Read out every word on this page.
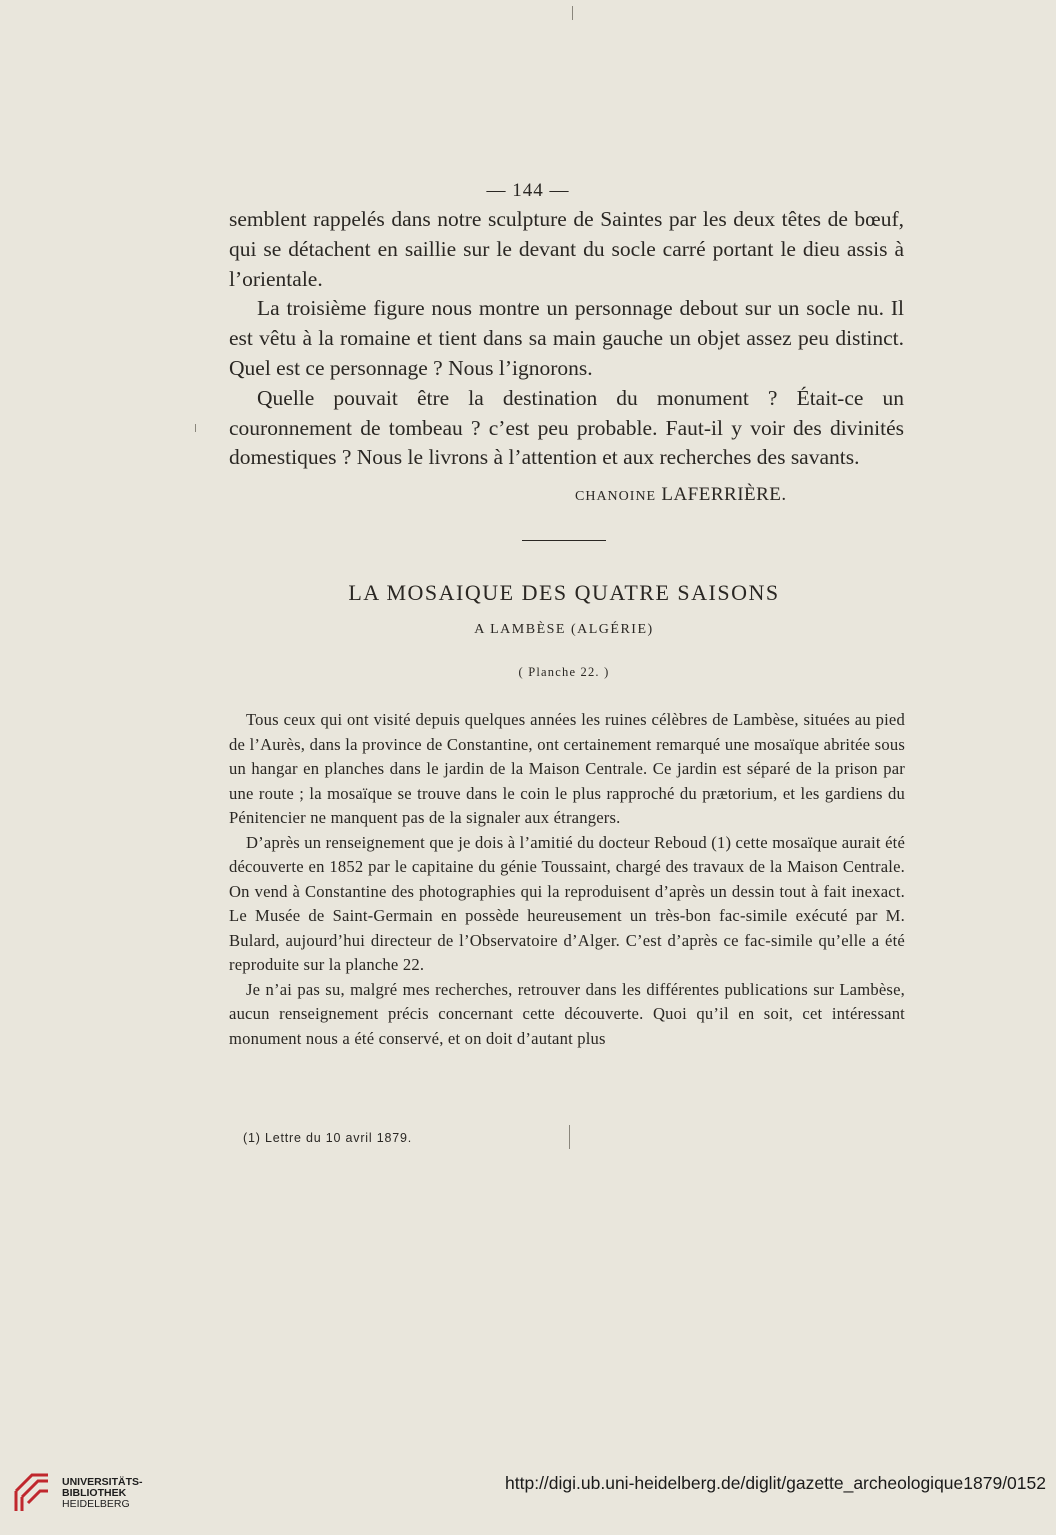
— 144 —

semblent rappelés dans notre sculpture de Saintes par les deux têtes de bœuf, qui se détachent en saillie sur le devant du socle carré portant le dieu assis à l’orientale.

La troisième figure nous montre un personnage debout sur un socle nu. Il est vêtu à la romaine et tient dans sa main gauche un objet assez peu distinct. Quel est ce personnage ? Nous l’ignorons.

Quelle pouvait être la destination du monument ? Était-ce un couronnement de tombeau ? c’est peu probable. Faut-il y voir des divinités domestiques ? Nous le livrons à l’attention et aux recherches des savants.

CHANOINE LAFERRIÈRE.
LA MOSAIQUE DES QUATRE SAISONS
A LAMBÈSE (ALGÉRIE)
( Planche 22. )

Tous ceux qui ont visité depuis quelques années les ruines célèbres de Lambèse, situées au pied de l’Aurès, dans la province de Constantine, ont certainement remarqué une mosaïque abritée sous un hangar en planches dans le jardin de la Maison Centrale. Ce jardin est séparé de la prison par une route ; la mosaïque se trouve dans le coin le plus rapproché du prætorium, et les gardiens du Pénitencier ne manquent pas de la signaler aux étrangers.

D’après un renseignement que je dois à l’amitié du docteur Reboud (1) cette mosaïque aurait été découverte en 1852 par le capitaine du génie Toussaint, chargé des travaux de la Maison Centrale. On vend à Constantine des photographies qui la reproduisent d’après un dessin tout à fait inexact. Le Musée de Saint-Germain en possède heureusement un très-bon fac-simile exécuté par M. Bulard, aujourd’hui directeur de l’Observatoire d’Alger. C’est d’après ce fac-simile qu’elle a été reproduite sur la planche 22.

Je n’ai pas su, malgré mes recherches, retrouver dans les différentes publications sur Lambèse, aucun renseignement précis concernant cette découverte. Quoi qu’il en soit, cet intéressant monument nous a été conservé, et on doit d’autant plus

(1) Lettre du 10 avril 1879.
UNIVERSITÄTS-
BIBLIOTHEK
HEIDELBERG
http://digi.ub.uni-heidelberg.de/diglit/gazette_archeologique1879/0152
